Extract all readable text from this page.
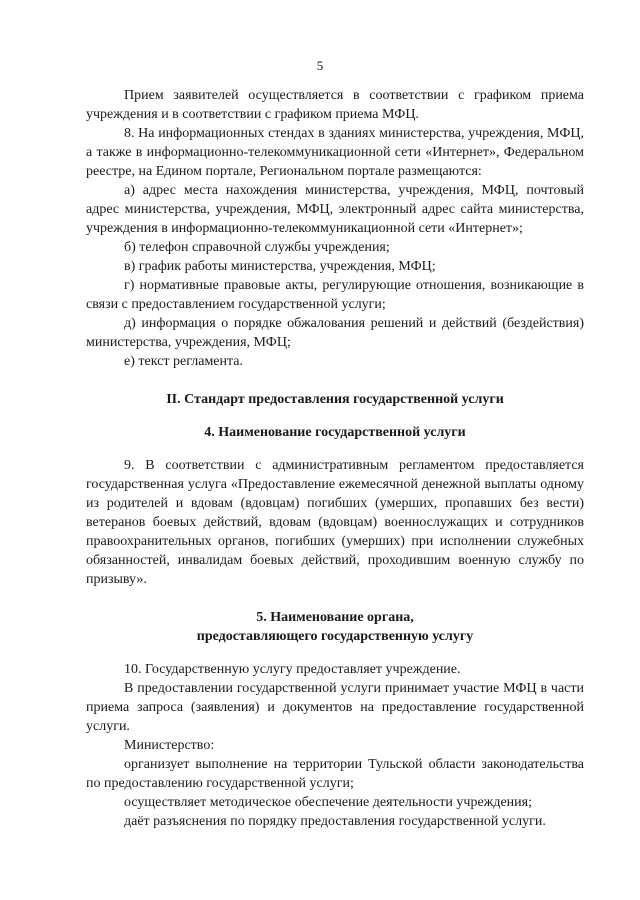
5

Прием заявителей осуществляется в соответствии с графиком приема учреждения и в соответствии с графиком приема МФЦ.

8. На информационных стендах в зданиях министерства, учреждения, МФЦ, а также в информационно-телекоммуникационной сети «Интернет», Федеральном реестре, на Едином портале, Региональном портале размещаются:

а) адрес места нахождения министерства, учреждения, МФЦ, почтовый адрес министерства, учреждения, МФЦ, электронный адрес сайта министерства, учреждения в информационно-телекоммуникационной сети «Интернет»;

б) телефон справочной службы учреждения;

в) график работы министерства, учреждения, МФЦ;

г) нормативные правовые акты, регулирующие отношения, возникающие в связи с предоставлением государственной услуги;

д) информация о порядке обжалования решений и действий (бездействия) министерства, учреждения, МФЦ;

е) текст регламента.

II. Стандарт предоставления государственной услуги

4. Наименование государственной услуги

9. В соответствии с административным регламентом предоставляется государственная услуга «Предоставление ежемесячной денежной выплаты одному из родителей и вдовам (вдовцам) погибших (умерших, пропавших без вести) ветеранов боевых действий, вдовам (вдовцам) военнослужащих и сотрудников правоохранительных органов, погибших (умерших) при исполнении служебных обязанностей, инвалидам боевых действий, проходившим военную службу по призыву».

5. Наименование органа,

предоставляющего государственную услугу

10. Государственную услугу предоставляет учреждение.

В предоставлении государственной услуги принимает участие МФЦ в части приема запроса (заявления) и документов на предоставление государственной услуги.

Министерство:

организует выполнение на территории Тульской области законодательства по предоставлению государственной услуги;

осуществляет методическое обеспечение деятельности учреждения;

даёт разъяснения по порядку предоставления государственной услуги.
